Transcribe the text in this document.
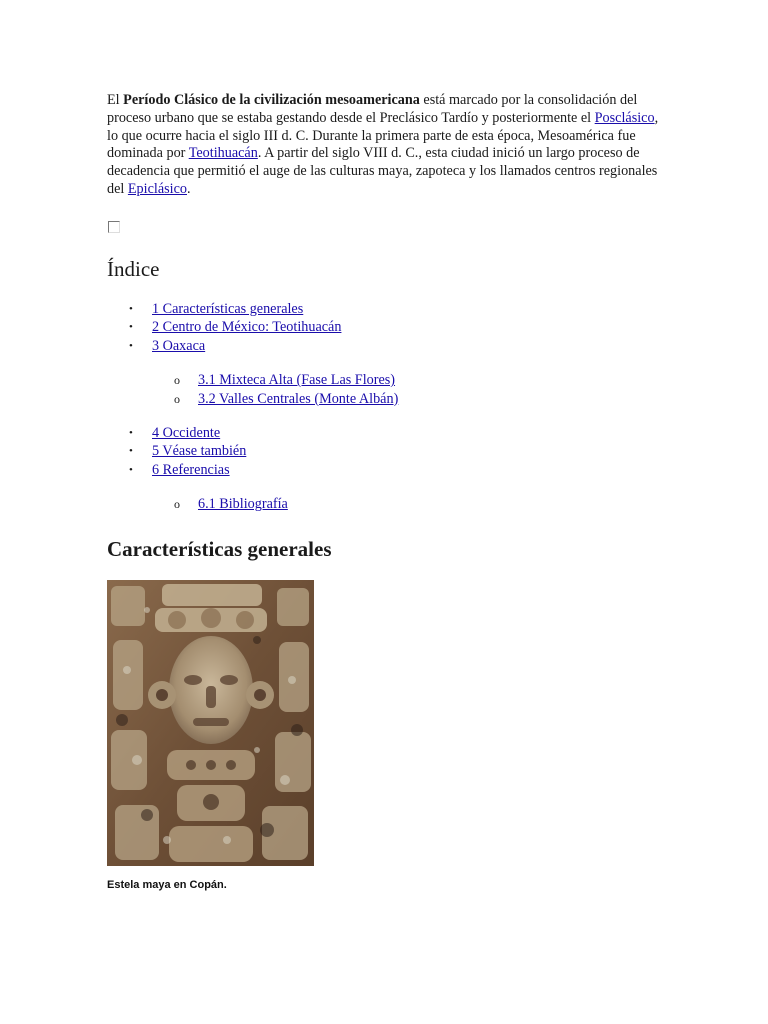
El Período Clásico de la civilización mesoamericana está marcado por la consolidación del proceso urbano que se estaba gestando desde el Preclásico Tardío y posteriormente el Posclásico, lo que ocurre hacia el siglo III d. C. Durante la primera parte de esta época, Mesoamérica fue dominada por Teotihuacán. A partir del siglo VIII d. C., esta ciudad inició un largo proceso de decadencia que permitió el auge de las culturas maya, zapoteca y los llamados centros regionales del Epiclásico.

Índice
• 1 Características generales
• 2 Centro de México: Teotihuacán
• 3 Oaxaca
o 3.1 Mixteca Alta (Fase Las Flores)
o 3.2 Valles Centrales (Monte Albán)
• 4 Occidente
• 5 Véase también
• 6 Referencias
o 6.1 Bibliografía
Características generales
Estela maya en Copán.
